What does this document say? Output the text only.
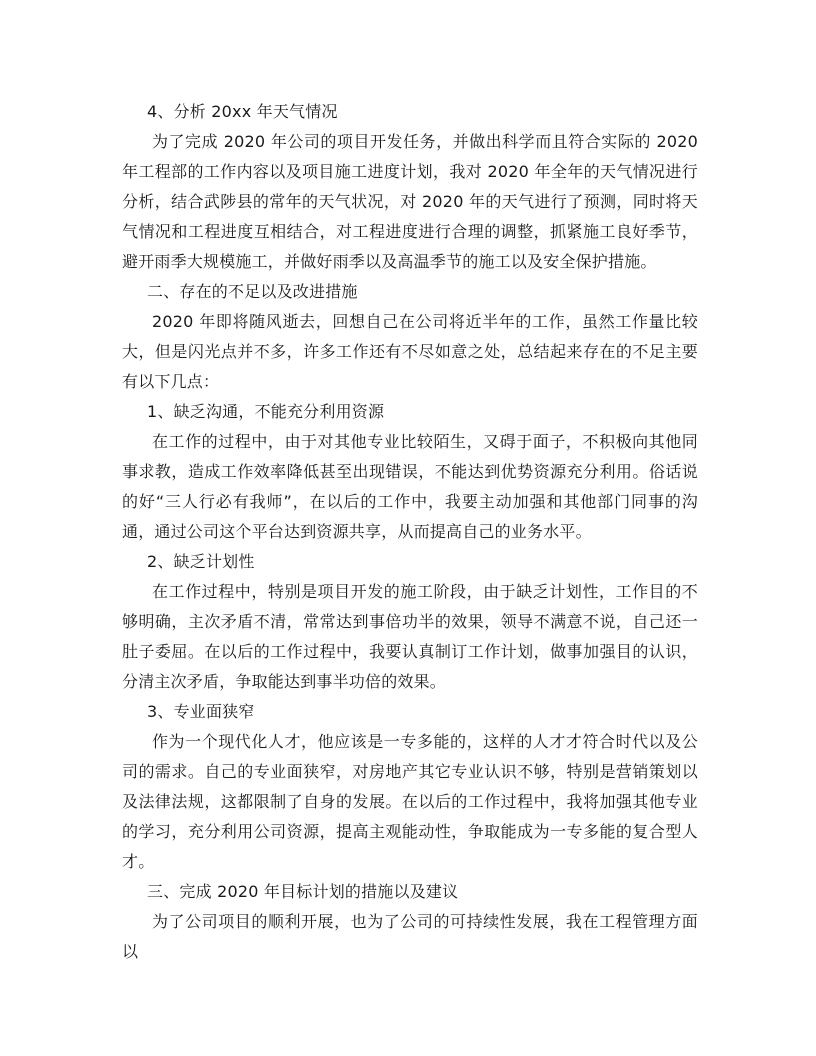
4、分析 20xx 年天气情况

为了完成 2020 年公司的项目开发任务，并做出科学而且符合实际的 2020 年工程部的工作内容以及项目施工进度计划，我对 2020 年全年的天气情况进行分析，结合武陟县的常年的天气状况，对 2020 年的天气进行了预测，同时将天气情况和工程进度互相结合，对工程进度进行合理的调整，抓紧施工良好季节，避开雨季大规模施工，并做好雨季以及高温季节的施工以及安全保护措施。

二、存在的不足以及改进措施

2020 年即将随风逝去，回想自己在公司将近半年的工作，虽然工作量比较大，但是闪光点并不多，许多工作还有不尽如意之处，总结起来存在的不足主要有以下几点：

1、缺乏沟通，不能充分利用资源

在工作的过程中，由于对其他专业比较陌生，又碍于面子，不积极向其他同事求教，造成工作效率降低甚至出现错误，不能达到优势资源充分利用。俗话说的好“三人行必有我师”，在以后的工作中，我要主动加强和其他部门同事的沟通，通过公司这个平台达到资源共享，从而提高自己的业务水平。

2、缺乏计划性

在工作过程中，特别是项目开发的施工阶段，由于缺乏计划性，工作目的不够明确，主次矛盾不清，常常达到事倍功半的效果，领导不满意不说，自己还一肚子委屈。在以后的工作过程中，我要认真制订工作计划，做事加强目的认识，分清主次矛盾，争取能达到事半功倍的效果。

3、专业面狭窄

作为一个现代化人才，他应该是一专多能的，这样的人才才符合时代以及公司的需求。自己的专业面狭窄，对房地产其它专业认识不够，特别是营销策划以及法律法规，这都限制了自身的发展。在以后的工作过程中，我将加强其他专业的学习，充分利用公司资源，提高主观能动性，争取能成为一专多能的复合型人才。

三、完成 2020 年目标计划的措施以及建议

为了公司项目的顺利开展，也为了公司的可持续性发展，我在工程管理方面以
